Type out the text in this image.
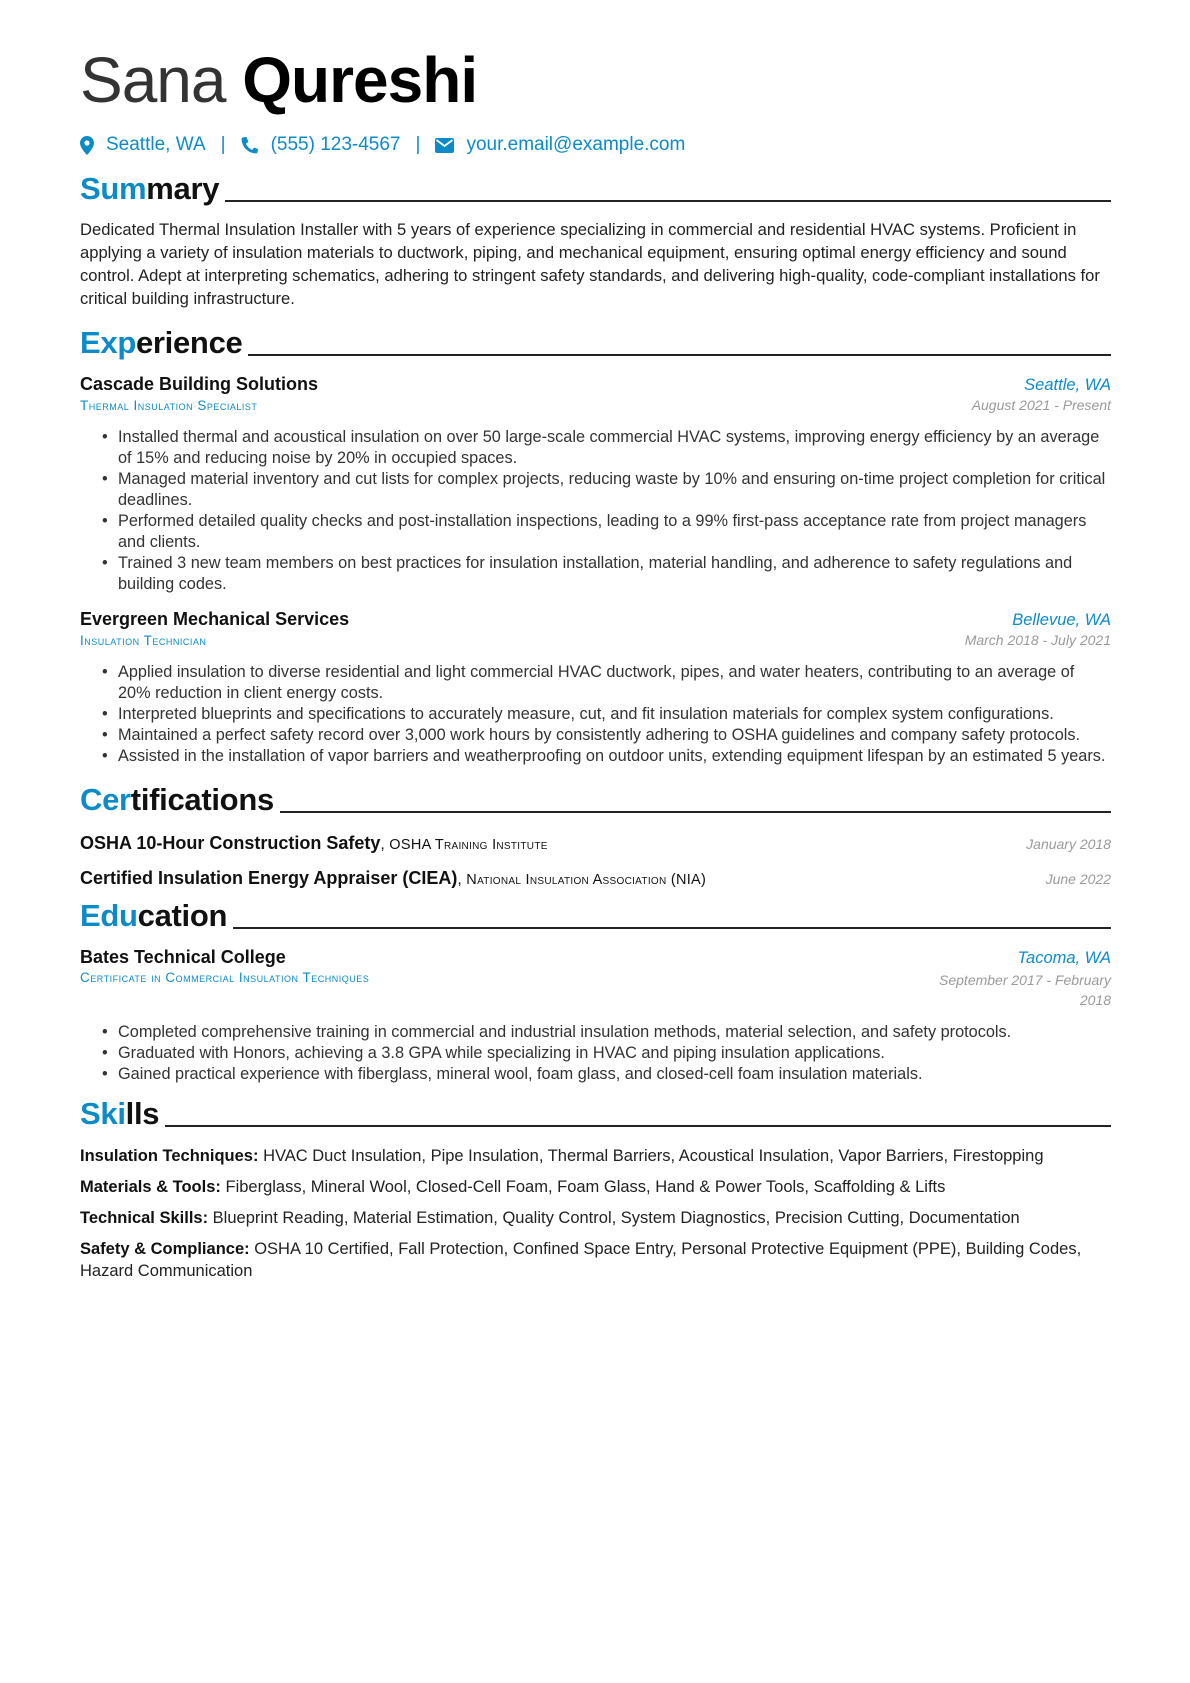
Sana Qureshi
Seattle, WA | (555) 123-4567 | your.email@example.com
Summary
Dedicated Thermal Insulation Installer with 5 years of experience specializing in commercial and residential HVAC systems. Proficient in applying a variety of insulation materials to ductwork, piping, and mechanical equipment, ensuring optimal energy efficiency and sound control. Adept at interpreting schematics, adhering to stringent safety standards, and delivering high-quality, code-compliant installations for critical building infrastructure.
Experience
Cascade Building Solutions	Seattle, WA
Thermal Insulation Specialist	August 2021 - Present
• Installed thermal and acoustical insulation on over 50 large-scale commercial HVAC systems, improving energy efficiency by an average of 15% and reducing noise by 20% in occupied spaces.
• Managed material inventory and cut lists for complex projects, reducing waste by 10% and ensuring on-time project completion for critical deadlines.
• Performed detailed quality checks and post-installation inspections, leading to a 99% first-pass acceptance rate from project managers and clients.
• Trained 3 new team members on best practices for insulation installation, material handling, and adherence to safety regulations and building codes.
Evergreen Mechanical Services	Bellevue, WA
Insulation Technician	March 2018 - July 2021
• Applied insulation to diverse residential and light commercial HVAC ductwork, pipes, and water heaters, contributing to an average of 20% reduction in client energy costs.
• Interpreted blueprints and specifications to accurately measure, cut, and fit insulation materials for complex system configurations.
• Maintained a perfect safety record over 3,000 work hours by consistently adhering to OSHA guidelines and company safety protocols.
• Assisted in the installation of vapor barriers and weatherproofing on outdoor units, extending equipment lifespan by an estimated 5 years.
Certifications
OSHA 10-Hour Construction Safety, OSHA Training Institute	January 2018
Certified Insulation Energy Appraiser (CIEA), National Insulation Association (NIA)	June 2022
Education
Bates Technical College	Tacoma, WA
Certificate in Commercial Insulation Techniques	September 2017 - February
2018
• Completed comprehensive training in commercial and industrial insulation methods, material selection, and safety protocols.
• Graduated with Honors, achieving a 3.8 GPA while specializing in HVAC and piping insulation applications.
• Gained practical experience with fiberglass, mineral wool, foam glass, and closed-cell foam insulation materials.
Skills
Insulation Techniques: HVAC Duct Insulation, Pipe Insulation, Thermal Barriers, Acoustical Insulation, Vapor Barriers, Firestopping
Materials & Tools: Fiberglass, Mineral Wool, Closed-Cell Foam, Foam Glass, Hand & Power Tools, Scaffolding & Lifts
Technical Skills: Blueprint Reading, Material Estimation, Quality Control, System Diagnostics, Precision Cutting, Documentation
Safety & Compliance: OSHA 10 Certified, Fall Protection, Confined Space Entry, Personal Protective Equipment (PPE), Building Codes, Hazard Communication
